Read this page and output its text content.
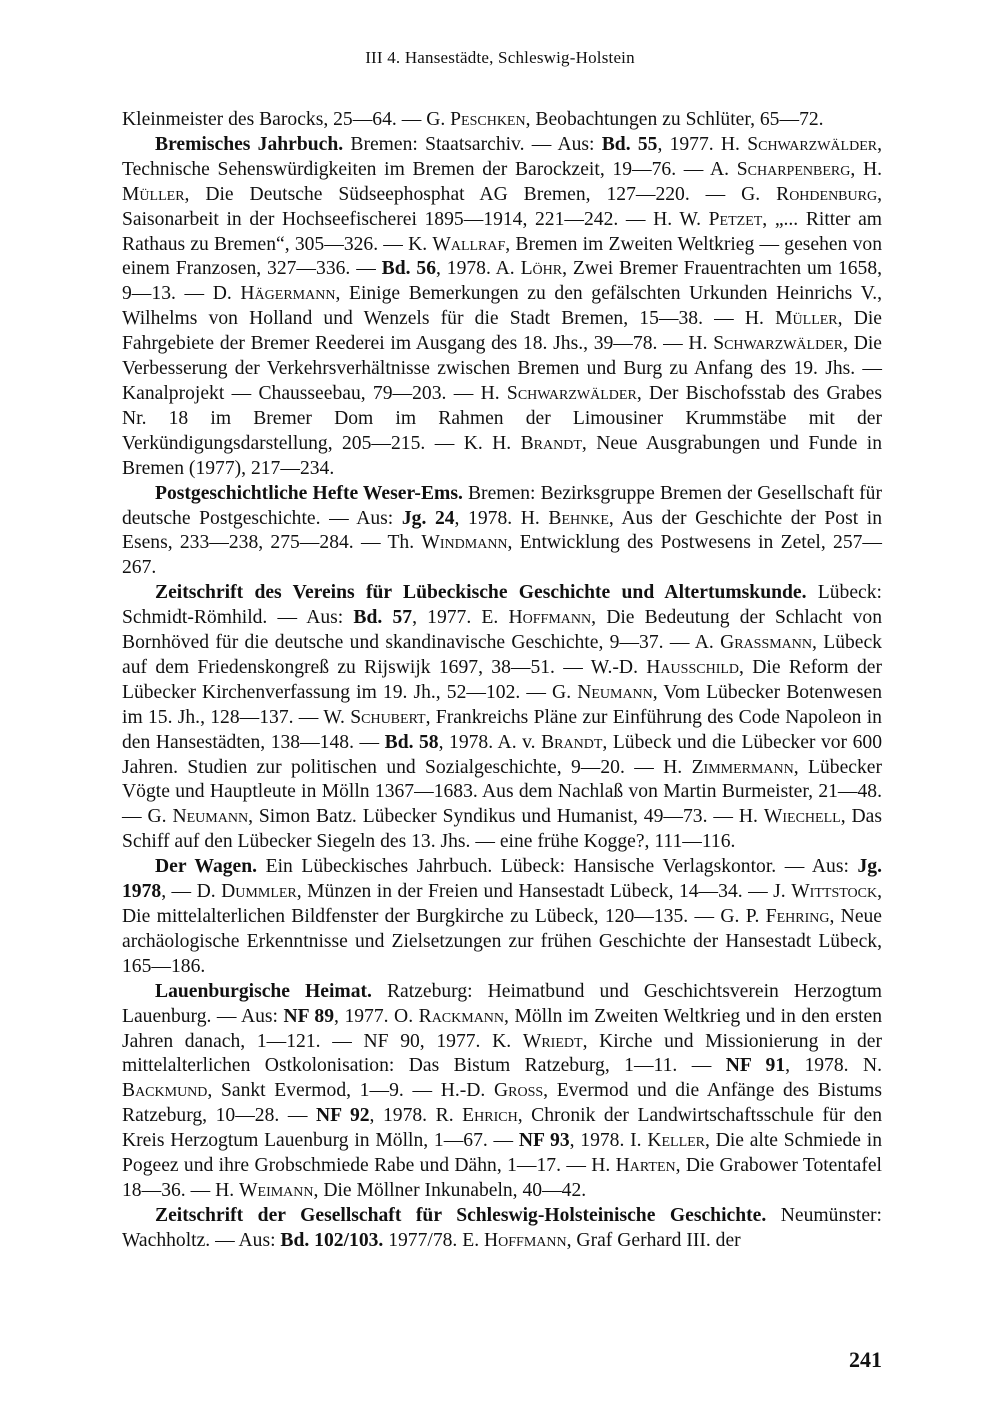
III 4. Hansestädte, Schleswig-Holstein

Kleinmeister des Barocks, 25—64. — G. Peschken, Beobachtungen zu Schlüter, 65—72.

Bremisches Jahrbuch. Bremen: Staatsarchiv. — Aus: Bd. 55, 1977. H. Schwarzwälder, Technische Sehenswürdigkeiten im Bremen der Barockzeit, 19—76. — A. Scharpenberg, H. Müller, Die Deutsche Südseephosphat AG Bremen, 127—220. — G. Rohdenburg, Saisonarbeit in der Hochseefischerei 1895—1914, 221—242. — H. W. Petzet, „... Ritter am Rathaus zu Bremen“, 305—326. — K. Wallraf, Bremen im Zweiten Weltkrieg — gesehen von einem Franzosen, 327—336. — Bd. 56, 1978. A. Löhr, Zwei Bremer Frauentrachten um 1658, 9—13. — D. Hägermann, Einige Bemerkungen zu den gefälschten Urkunden Heinrichs V., Wilhelms von Holland und Wenzels für die Stadt Bremen, 15—38. — H. Müller, Die Fahrgebiete der Bremer Reederei im Ausgang des 18. Jhs., 39—78. — H. Schwarzwälder, Die Verbesserung der Verkehrsverhältnisse zwischen Bremen und Burg zu Anfang des 19. Jhs. — Kanalprojekt — Chausseebau, 79—203. — H. Schwarzwälder, Der Bischofsstab des Grabes Nr. 18 im Bremer Dom im Rahmen der Limousiner Krummstäbe mit der Verkündigungsdarstellung, 205—215. — K. H. Brandt, Neue Ausgrabungen und Funde in Bremen (1977), 217—234.

Postgeschichtliche Hefte Weser-Ems. Bremen: Bezirksgruppe Bremen der Gesellschaft für deutsche Postgeschichte. — Aus: Jg. 24, 1978. H. Behnke, Aus der Geschichte der Post in Esens, 233—238, 275—284. — Th. Windmann, Entwicklung des Postwesens in Zetel, 257—267.

Zeitschrift des Vereins für Lübeckische Geschichte und Altertumskunde. Lübeck: Schmidt-Römhild. — Aus: Bd. 57, 1977. E. Hoffmann, Die Bedeutung der Schlacht von Bornhöved für die deutsche und skandinavische Geschichte, 9—37. — A. Grassmann, Lübeck auf dem Friedenskongreß zu Rijswijk 1697, 38—51. — W.-D. Hausschild, Die Reform der Lübecker Kirchenverfassung im 19. Jh., 52—102. — G. Neumann, Vom Lübecker Botenwesen im 15. Jh., 128—137. — W. Schubert, Frankreichs Pläne zur Einführung des Code Napoleon in den Hansestädten, 138—148. — Bd. 58, 1978. A. v. Brandt, Lübeck und die Lübecker vor 600 Jahren. Studien zur politischen und Sozialgeschichte, 9—20. — H. Zimmermann, Lübecker Vögte und Hauptleute in Mölln 1367—1683. Aus dem Nachlaß von Martin Burmeister, 21—48. — G. Neumann, Simon Batz. Lübecker Syndikus und Humanist, 49—73. — H. Wiechell, Das Schiff auf den Lübecker Siegeln des 13. Jhs. — eine frühe Kogge?, 111—116.

Der Wagen. Ein Lübeckisches Jahrbuch. Lübeck: Hansische Verlagskontor. — Aus: Jg. 1978, — D. Dummler, Münzen in der Freien und Hansestadt Lübeck, 14—34. — J. Wittstock, Die mittelalterlichen Bildfenster der Burgkirche zu Lübeck, 120—135. — G. P. Fehring, Neue archäologische Erkenntnisse und Zielsetzungen zur frühen Geschichte der Hansestadt Lübeck, 165—186.

Lauenburgische Heimat. Ratzeburg: Heimatbund und Geschichtsverein Herzogtum Lauenburg. — Aus: NF 89, 1977. O. Rackmann, Mölln im Zweiten Weltkrieg und in den ersten Jahren danach, 1—121. — NF 90, 1977. K. Wriedt, Kirche und Missionierung in der mittelalterlichen Ostkolonisation: Das Bistum Ratzeburg, 1—11. — NF 91, 1978. N. Backmund, Sankt Evermod, 1—9. — H.-D. Gross, Evermod und die Anfänge des Bistums Ratzeburg, 10—28. — NF 92, 1978. R. Ehrich, Chronik der Landwirtschaftsschule für den Kreis Herzogtum Lauenburg in Mölln, 1—67. — NF 93, 1978. I. Keller, Die alte Schmiede in Pogeez und ihre Grobschmiede Rabe und Dähn, 1—17. — H. Harten, Die Grabower Totentafel 18—36. — H. Weimann, Die Möllner Inkunabeln, 40—42.

Zeitschrift der Gesellschaft für Schleswig-Holsteinische Geschichte. Neumünster: Wachholtz. — Aus: Bd. 102/103. 1977/78. E. Hoffmann, Graf Gerhard III. der

241
